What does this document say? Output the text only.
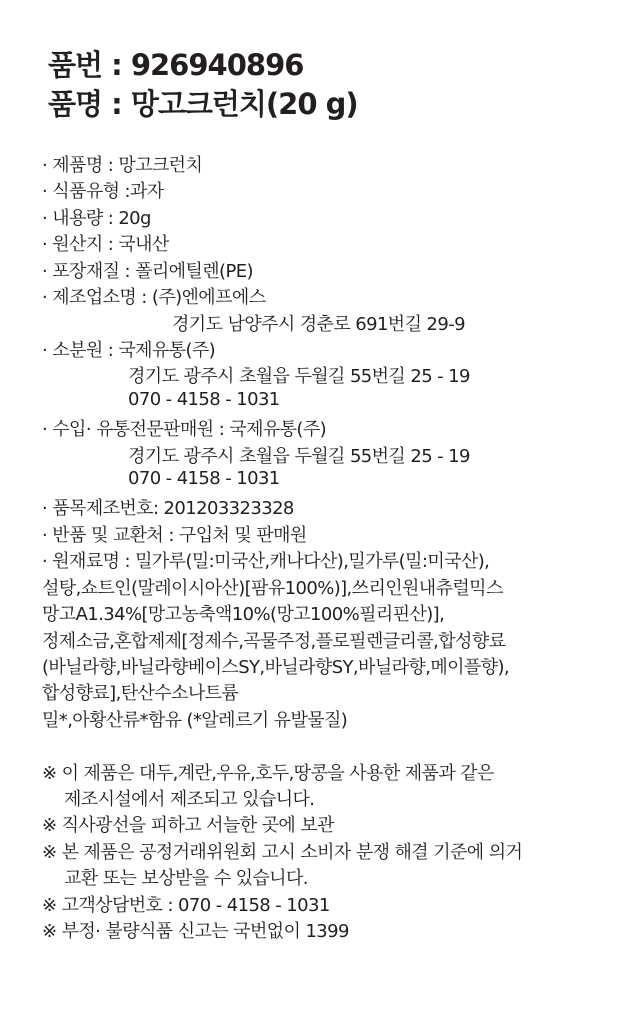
품번 : 926940896
품명 : 망고크런치(20 g)
· 제품명 : 망고크런치
· 식품유형 :과자
· 내용량 : 20g
· 원산지 : 국내산
· 포장재질 : 폴리에틸렌(PE)
· 제조업소명 : (주)엔에프에스
경기도 남양주시 경춘로 691번길 29-9
· 소분원 : 국제유통(주)
경기도 광주시 초월읍 두월길 55번길 25 - 19
070 - 4158 - 1031
· 수입· 유통전문판매원 : 국제유통(주)
경기도 광주시 초월읍 두월길 55번길 25 - 19
070 - 4158 - 1031
· 품목제조번호: 201203323328
· 반품 및 교환처 : 구입처 및 판매원
· 원재료명 : 밀가루(밀:미국산,캐나다산),밀가루(밀:미국산),
설탕,쇼트인(말레이시아산)[팜유100%)],쓰리인원내츄럴믹스
망고A1.34%[망고농축액10%(망고100%필리핀산)],
정제소금,혼합제제[정제수,곡물주정,플로필렌글리콜,합성향료
(바닐라향,바닐라향베이스SY,바닐라향SY,바닐라향,메이플향),
합성향료],탄산수소나트륨
밀*,아황산류*함유 (*알레르기 유발물질)
※ 이 제품은 대두,계란,우유,호두,땅콩을 사용한 제품과 같은
제조시설에서 제조되고 있습니다.
※ 직사광선을 피하고 서늘한 곳에 보관
※ 본 제품은 공정거래위원회 고시 소비자 분쟁 해결 기준에 의거
교환 또는 보상받을 수 있습니다.
※ 고객상담번호 : 070 - 4158 - 1031
※ 부정· 불량식품 신고는 국번없이 1399
